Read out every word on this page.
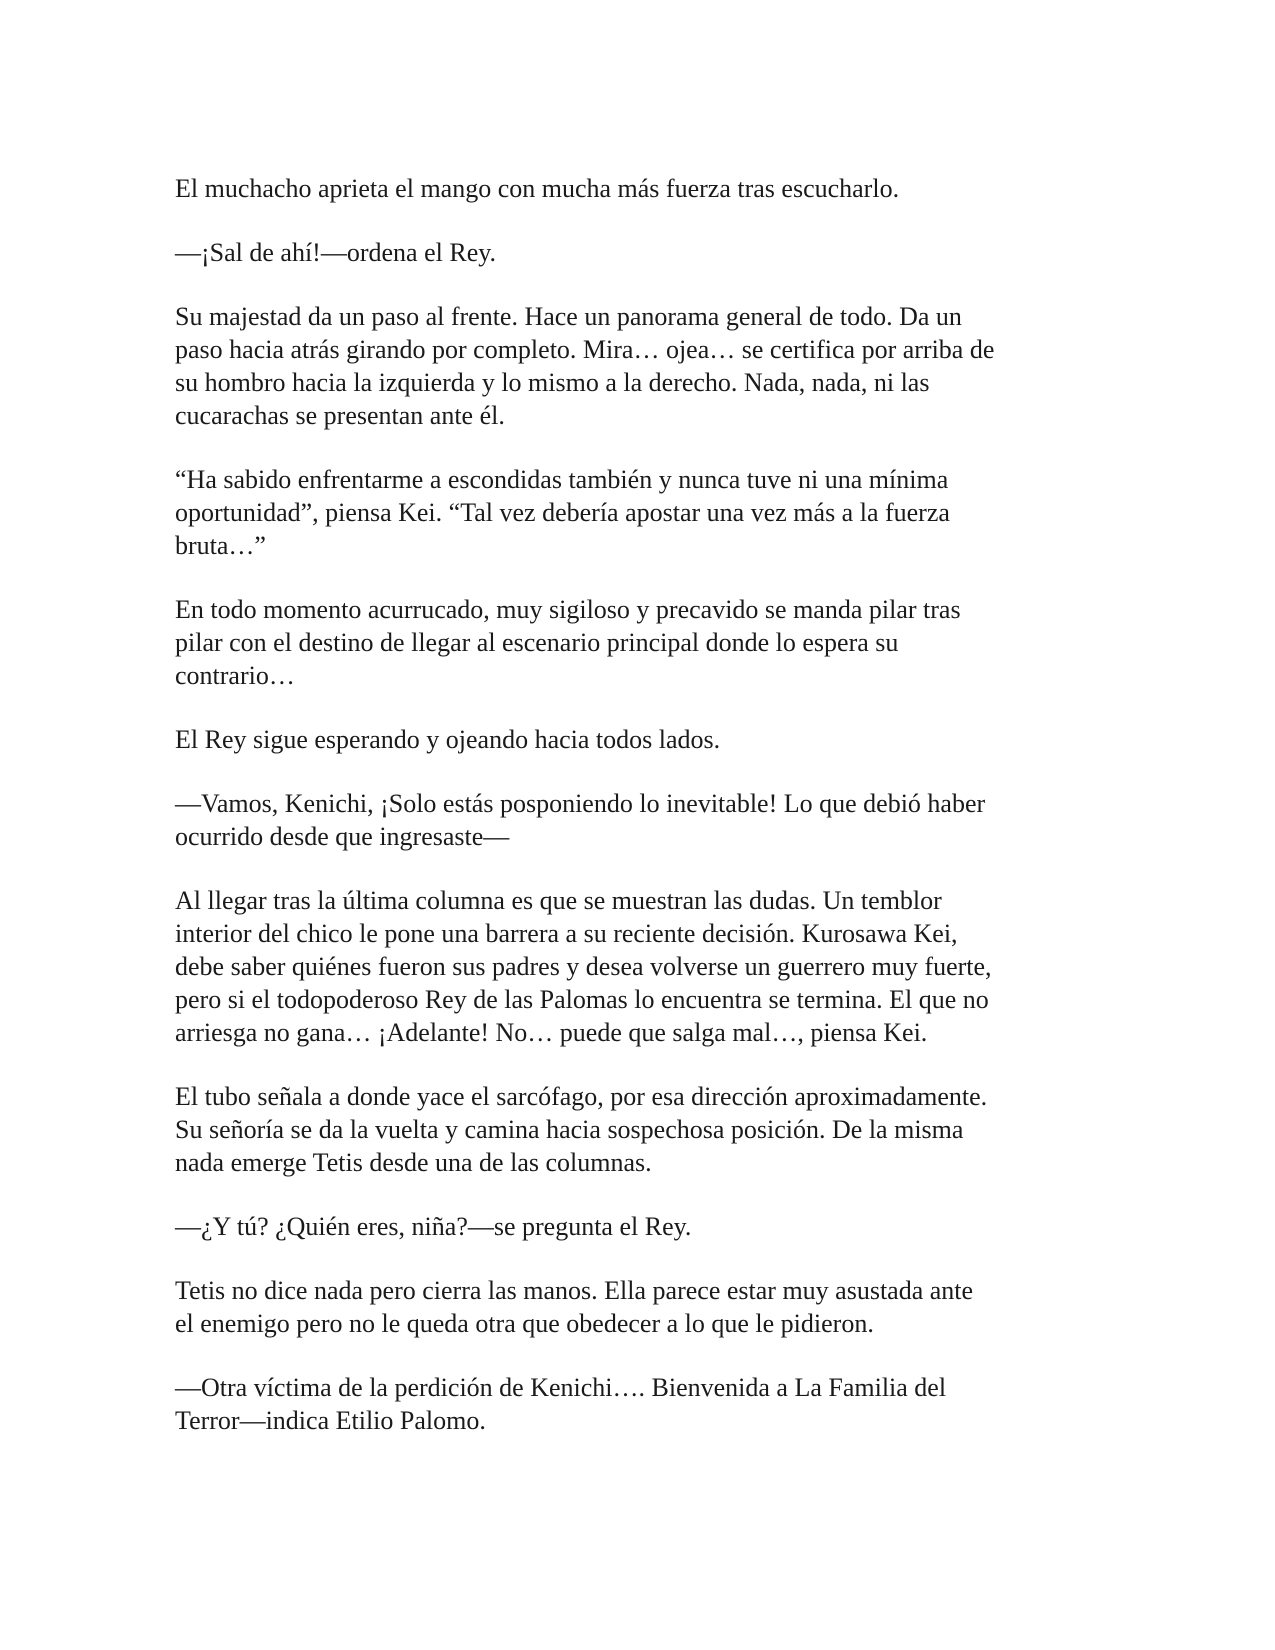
El muchacho aprieta el mango con mucha más fuerza tras escucharlo.

—¡Sal de ahí!—ordena el Rey.

Su majestad da un paso al frente. Hace un panorama general de todo. Da un
paso hacia atrás girando por completo. Mira… ojea… se certifica por arriba de
su hombro hacia la izquierda y lo mismo a la derecho. Nada, nada, ni las
cucarachas se presentan ante él.

“Ha sabido enfrentarme a escondidas también y nunca tuve ni una mínima
oportunidad”, piensa Kei. “Tal vez debería apostar una vez más a la fuerza
bruta…”

En todo momento acurrucado, muy sigiloso y precavido se manda pilar tras
pilar con el destino de llegar al escenario principal donde lo espera su
contrario…

El Rey sigue esperando y ojeando hacia todos lados.

—Vamos, Kenichi, ¡Solo estás posponiendo lo inevitable! Lo que debió haber
ocurrido desde que ingresaste—

Al llegar tras la última columna es que se muestran las dudas. Un temblor
interior del chico le pone una barrera a su reciente decisión. Kurosawa Kei,
debe saber quiénes fueron sus padres y desea volverse un guerrero muy fuerte,
pero si el todopoderoso Rey de las Palomas lo encuentra se termina. El que no
arriesga no gana… ¡Adelante! No… puede que salga mal…, piensa Kei.

El tubo señala a donde yace el sarcófago, por esa dirección aproximadamente.
Su señoría se da la vuelta y camina hacia sospechosa posición. De la misma
nada emerge Tetis desde una de las columnas.

—¿Y tú? ¿Quién eres, niña?—se pregunta el Rey.

Tetis no dice nada pero cierra las manos. Ella parece estar muy asustada ante
el enemigo pero no le queda otra que obedecer a lo que le pidieron.

—Otra víctima de la perdición de Kenichi…. Bienvenida a La Familia del
Terror—indica Etilio Palomo.
